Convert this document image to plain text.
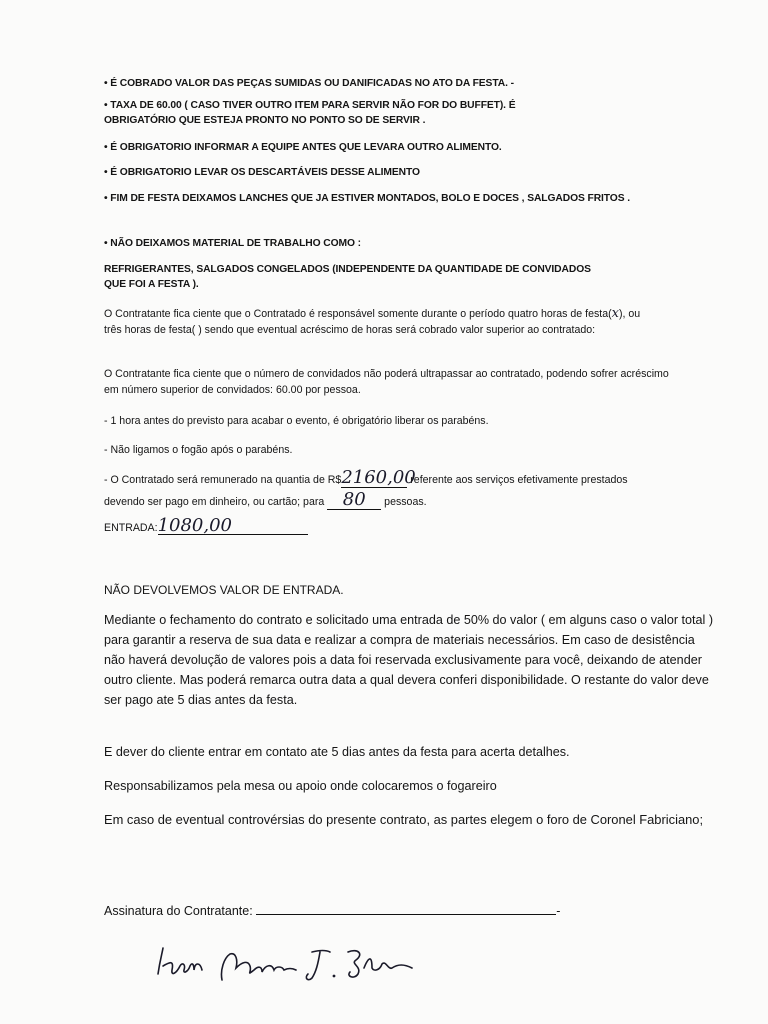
• É COBRADO VALOR DAS PEÇAS SUMIDAS OU DANIFICADAS NO ATO DA FESTA. -

• TAXA DE 60.00 ( CASO TIVER OUTRO ITEM PARA SERVIR NÃO FOR DO BUFFET). É OBRIGATÓRIO QUE ESTEJA PRONTO NO PONTO SO DE SERVIR .

• É OBRIGATORIO INFORMAR A EQUIPE ANTES QUE LEVARA OUTRO ALIMENTO.

• É OBRIGATORIO LEVAR OS DESCARTÁVEIS DESSE ALIMENTO

• FIM DE FESTA DEIXAMOS LANCHES QUE JA ESTIVER MONTADOS, BOLO E DOCES , SALGADOS FRITOS .

• NÃO DEIXAMOS MATERIAL DE TRABALHO COMO :

REFRIGERANTES, SALGADOS CONGELADOS (INDEPENDENTE DA QUANTIDADE DE CONVIDADOS QUE FOI A FESTA ).

O Contratante fica ciente que o Contratado é responsável somente durante o período quatro horas de festa(x), ou três horas de festa( ) sendo que eventual acréscimo de horas será cobrado valor superior ao contratado:

O Contratante fica ciente que o número de convidados não poderá ultrapassar ao contratado, podendo sofrer acréscimo em número superior de convidados: 60.00 por pessoa.

- 1 hora antes do previsto para acabar o evento, é obrigatório liberar os parabéns.

- Não ligamos o fogão após o parabéns.

- O Contratado será remunerado na quantia de R$2160,00 referente aos serviços efetivamente prestados devendo ser pago em dinheiro, ou cartão; para 80 pessoas.

ENTRADA:1080,00

NÃO DEVOLVEMOS VALOR DE ENTRADA.

Mediante o fechamento do contrato e solicitado uma entrada de 50% do valor ( em alguns caso o valor total ) para garantir a reserva de sua data e realizar a compra de materiais necessários. Em caso de desistência não haverá devolução de valores pois a data foi reservada exclusivamente para você, deixando de atender outro cliente. Mas poderá remarca outra data a qual devera conferi disponibilidade. O restante do valor deve ser pago ate 5 dias antes da festa.

E dever do cliente entrar em contato ate 5 dias antes da festa para acerta detalhes.

Responsabilizamos pela mesa ou apoio onde colocaremos o fogareiro

Em caso de eventual controvérsias do presente contrato, as partes elegem o foro de Coronel Fabriciano;

Assinatura do Contratante:	-
